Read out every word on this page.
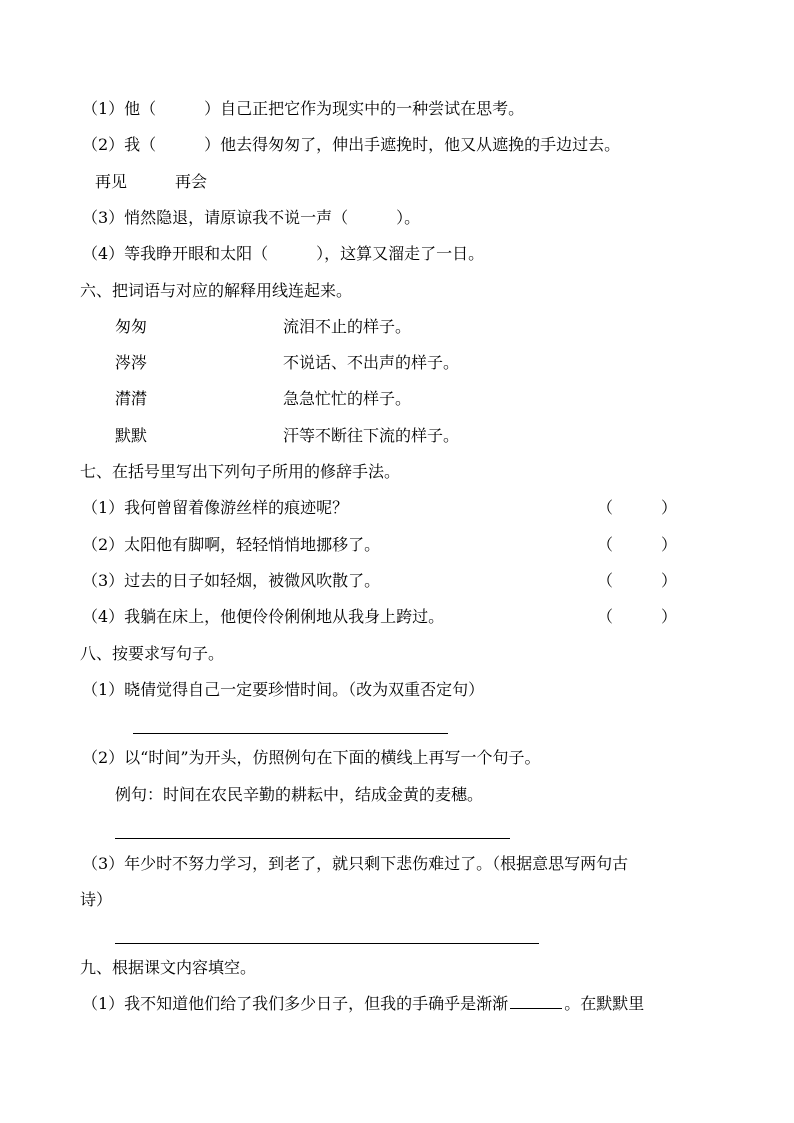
（1）他（　　　）自己正把它作为现实中的一种尝试在思考。
（2）我（　　　）他去得匆匆了，伸出手遮挽时，他又从遮挽的手边过去。
再见　　　再会
（3）悄然隐退，请原谅我不说一声（　　　）。
（4）等我睁开眼和太阳（　　　），这算又溜走了一日。
六、把词语与对应的解释用线连起来。
匆匆	流泪不止的样子。
涔涔	不说话、不出声的样子。
潸潸	急急忙忙的样子。
默默	汗等不断往下流的样子。
七、在括号里写出下列句子所用的修辞手法。
（1）我何曾留着像游丝样的痕迹呢？	（　　　）
（2）太阳他有脚啊，轻轻悄悄地挪移了。	（　　　）
（3）过去的日子如轻烟，被微风吹散了。	（　　　）
（4）我躺在床上，他便伶伶俐俐地从我身上跨过。	（　　　）
八、按要求写句子。
（1）晓倩觉得自己一定要珍惜时间。（改为双重否定句）
（2）以“时间”为开头，仿照例句在下面的横线上再写一个句子。
例句：时间在农民辛勤的耕耘中，结成金黄的麦穗。
（3）年少时不努力学习，到老了，就只剩下悲伤难过了。（根据意思写两句古
诗）
九、根据课文内容填空。
（1）我不知道他们给了我们多少日子，但我的手确乎是渐渐	。在默默里
